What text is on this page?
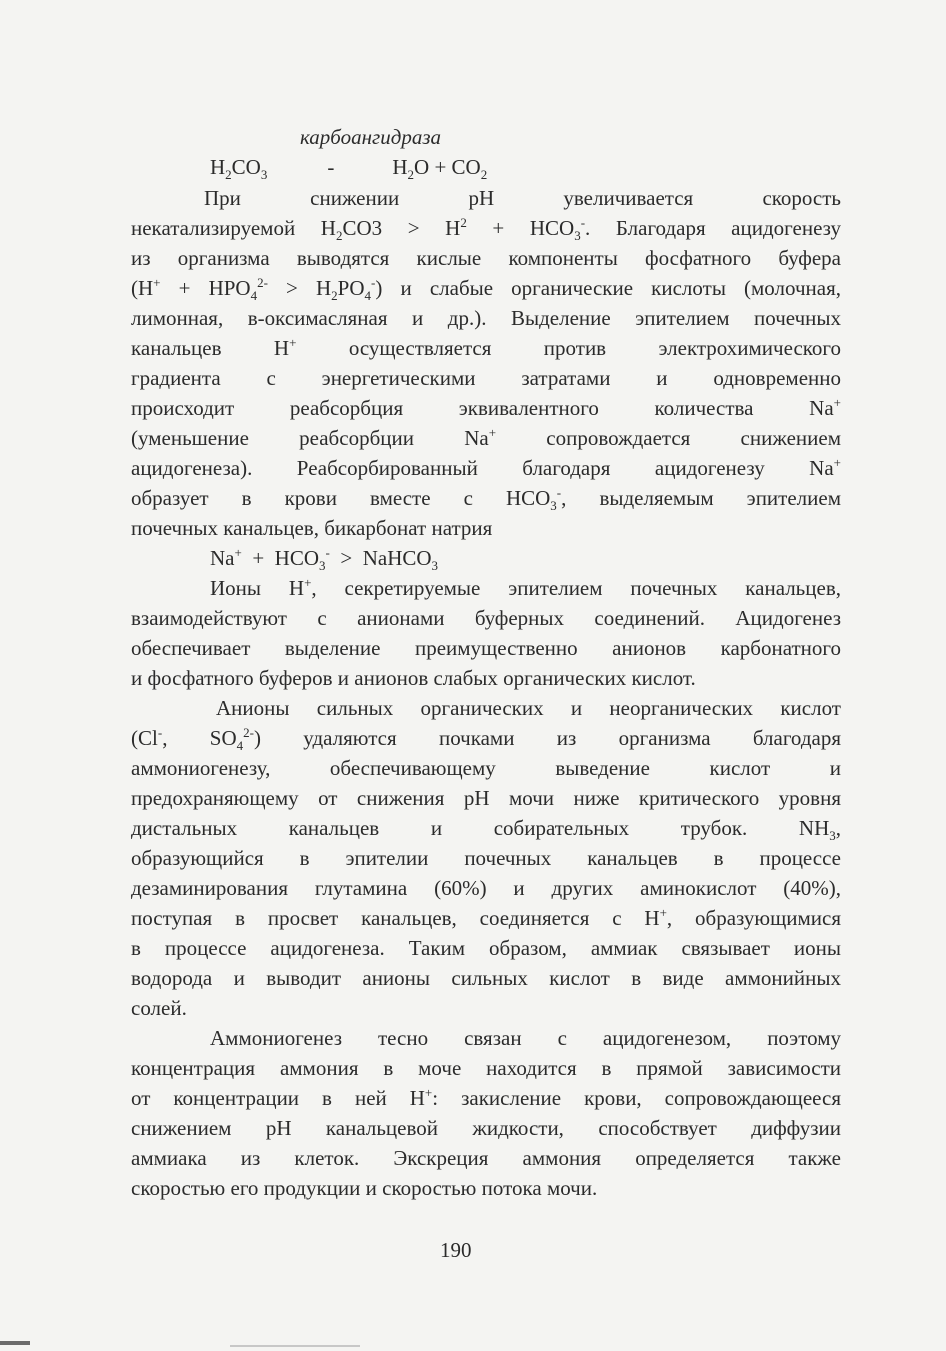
карбоангидраза
$H_2CO_3$	-	$H_2O + CO_2$
При снижении рН увеличивается скорость
некатализируемой $H_2CO3 > H^2 + HCO_3^-$. Благодаря ацидогенезу
из организма выводятся кислые компоненты фосфатного буфера
$(H^+ + HPO_4^{2-} > H_2PO_4^-)$ и слабые органические кислоты (молочная,
лимонная, в-оксимасляная и др.). Выделение эпителием почечных
канальцев Н+ осуществляется против электрохимического
градиента с энергетическими затратами и одновременно
происходит реабсорбция эквивалентного количества Na+
(уменьшение реабсорбции Na+ сопровождается снижением
ацидогенеза). Реабсорбированный благодаря ацидогенезу Na+
образует в крови вместе с $HCO_3^-$, выделяемым эпителием
почечных канальцев, бикарбонат натрия
$Na^+ + HCO_3^-$  >  NaHCO$_3$
Ионы Н+, секретируемые эпителием почечных канальцев,
взаимодействуют с анионами буферных соединений. Ацидогенез
обеспечивает выделение преимущественно анионов карбонатного
и фосфатного буферов и анионов слабых органических кислот.
Анионы сильных органических и неорганических кислот
(Cl-, $SO_4^{2-}$) удаляются почками из организма благодаря
аммониогенезу, обеспечивающему выведение кислот и
предохраняющему от снижения рН мочи ниже критического уровня
дистальных канальцев и собирательных трубок. $NH_3$,
образующийся в эпителии почечных канальцев в процессе
дезаминирования глутамина (60%) и других аминокислот (40%),
поступая в просвет канальцев, соединяется с Н+, образующимися
в процессе ацидогенеза. Таким образом, аммиак связывает ионы
водорода и выводит анионы сильных кислот в виде аммонийных
солей.
Аммониогенез тесно связан с ацидогенезом, поэтому
концентрация аммония в моче находится в прямой зависимости
от концентрации в ней Н+: закисление крови, сопровождающееся
снижением рН канальцевой жидкости, способствует диффузии
аммиака из клеток. Экскреция аммония определяется также
скоростью его продукции и скоростью потока мочи.
190
